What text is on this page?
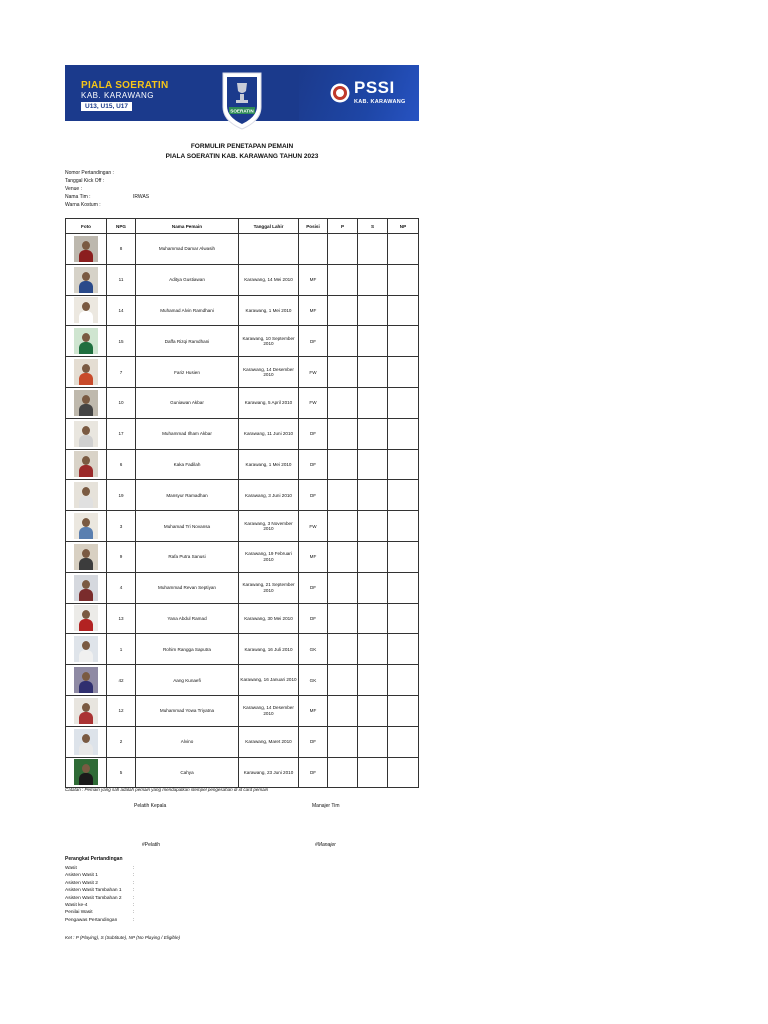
PIALA SOERATIN
KAB. KARAWANG
U13, U15, U17
SOERATIN
PSSI
KAB. KARAWANG
FORMULIR PENETAPAN PEMAIN
PIALA SOERATIN KAB. KARAWANG TAHUN 2023
Nomor Pertandingan :
Tanggal Kick Off :
Venue :
Nama Tim :	IRWAS
Warna Kostum :
Foto	NPG	Nama Pemain	Tanggal Lahir	Posisi	P	S	NP

	8	Muhammad Damar Alwasih	

	11	Aditya Gustiawan	Karawang, 14 Mei 2010	MF			

	14	Muhamad Alvin Ramdhani	Karawang, 1 Mei 2010	MF			

	15	Daffa Rizqi Ramdhani	Karawang, 10 September 2010	DF			

	7	Fariz Husien	Karawang, 14 Desember 2010	FW			

	10	Guniawan Akbar	Karawang, 5 April 2010	FW			

	17	Muhammad Ilham Akbar	Karawang, 11 Juni 2010	DF			

	6	Kaka Fadilah	Karawang, 1 Mei 2010	DF			

	19	Mansyur Ramadhan	Karawang, 3 Juni 2010	DF			

	3	Muhamad Tri Novansa	Karawang, 3 November 2010	FW			

	9	Rafa Putra Sanusi	Karawang, 19 Februari 2010	MF			

	4	Muhammad Revan Septiyan	Karawang, 21 September 2010	DF			

	13	Yana Abdul Ramad	Karawang, 30 Mei 2010	DF			

	1	Rohim Rangga Saputra	Karawang, 16 Juli 2010	GK			

	42	Aang Kunaefi	Karawang, 16 Januari 2010	GK			

	12	Muhammad Yowa Triyatna	Karawang, 14 Desember 2010	MF			

	2	Alvino	Karawang, Maret 2010	DF			

	5	Cahya	Karawang, 23 Juni 2010	DF			
Catatan : Pemain yang sah adalah pemain yang mendapatkan stempel pengesahan di id card pemain
Pelatih Kepala	Manajer Tim
#Pelatih	#Manajer
Perangkat Pertandingan
Wasit	:
Asisten Wasit 1	:
Asisten Wasit 2	:
Asisten Wasit Tambahan 1 :
Asisten Wasit Tambahan 2 :
Wasit ke-4	:
Penilai Wasit	:
Pengawas Pertandingan	:
Ket : P (Playing), S (Subtitute), NP (No Playing / Eligible)
